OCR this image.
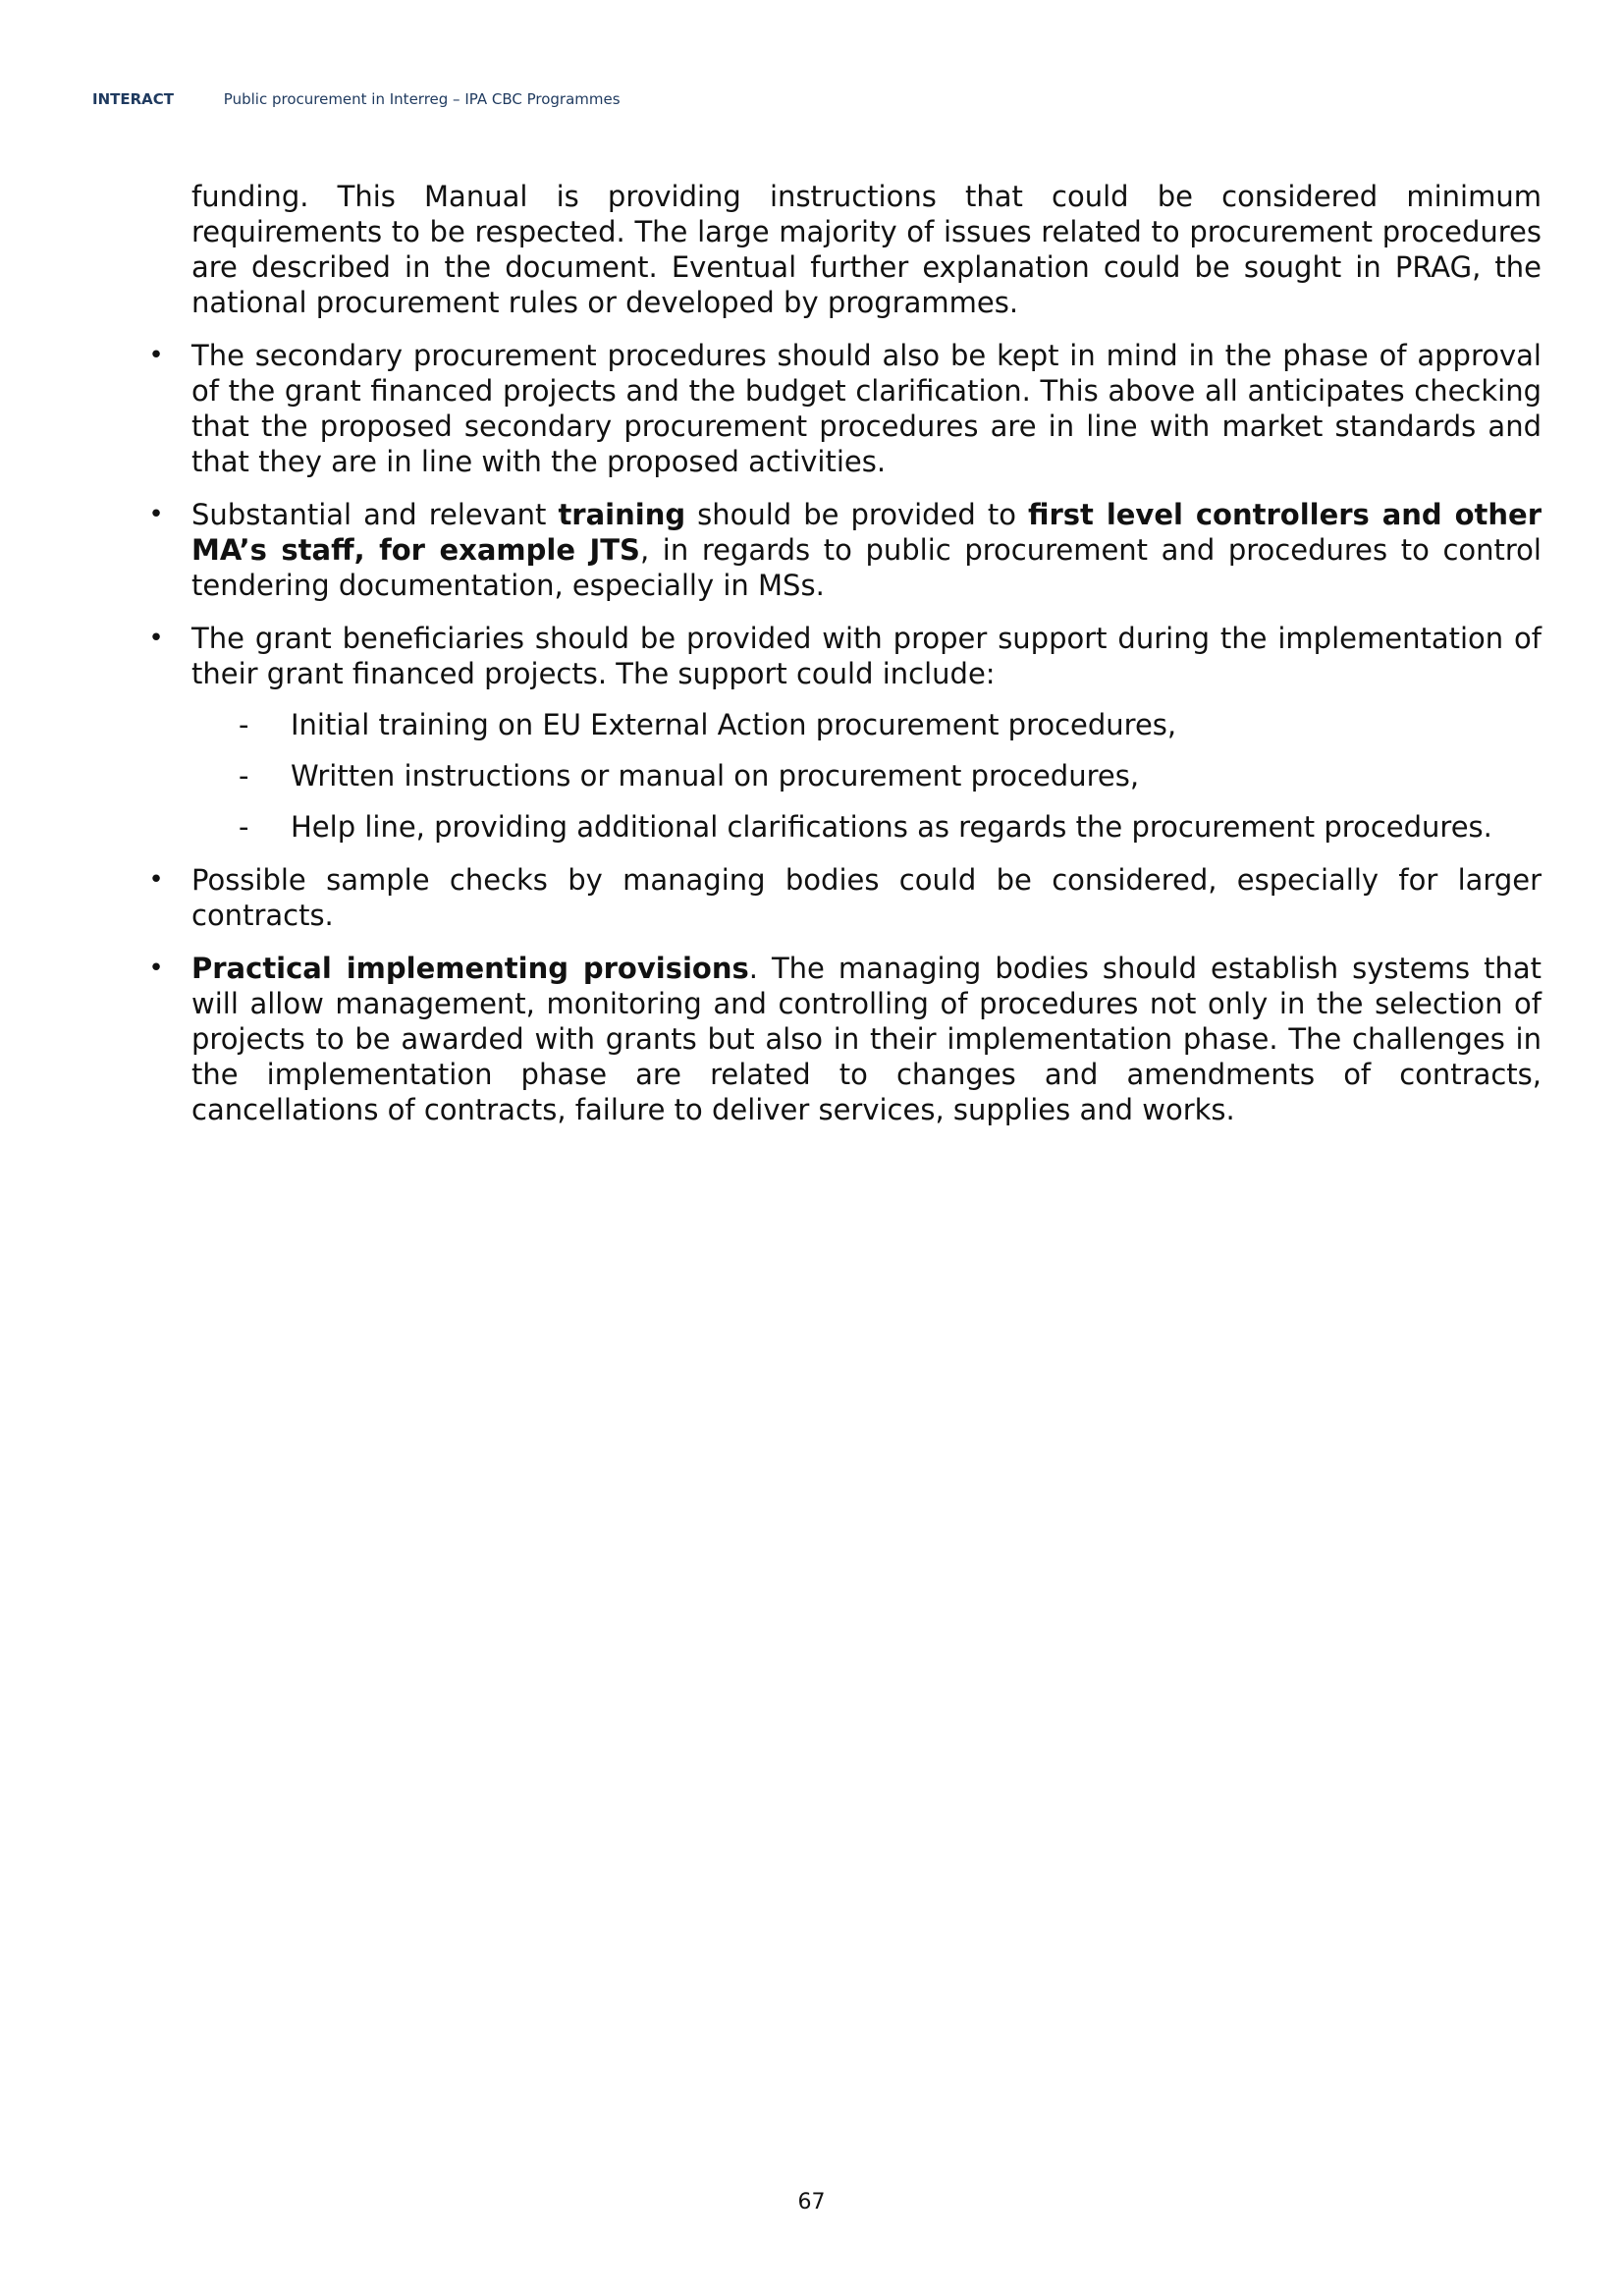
INTERACT	Public procurement in Interreg – IPA CBC Programmes

funding. This Manual is providing instructions that could be considered minimum requirements to be respected. The large majority of issues related to procurement procedures are described in the document. Eventual further explanation could be sought in PRAG, the national procurement rules or developed by programmes.

• The secondary procurement procedures should also be kept in mind in the phase of approval of the grant financed projects and the budget clarification. This above all anticipates checking that the proposed secondary procurement procedures are in line with market standards and that they are in line with the proposed activities.

• Substantial and relevant training should be provided to first level controllers and other MA’s staff, for example JTS, in regards to public procurement and procedures to control tendering documentation, especially in MSs.

• The grant beneficiaries should be provided with proper support during the implementation of their grant financed projects. The support could include:

- Initial training on EU External Action procurement procedures,
- Written instructions or manual on procurement procedures,
- Help line, providing additional clarifications as regards the procurement procedures.
• Possible sample checks by managing bodies could be considered, especially for larger contracts.

• Practical implementing provisions. The managing bodies should establish systems that will allow management, monitoring and controlling of procedures not only in the selection of projects to be awarded with grants but also in their implementation phase. The challenges in the implementation phase are related to changes and amendments of contracts, cancellations of contracts, failure to deliver services, supplies and works.

67
